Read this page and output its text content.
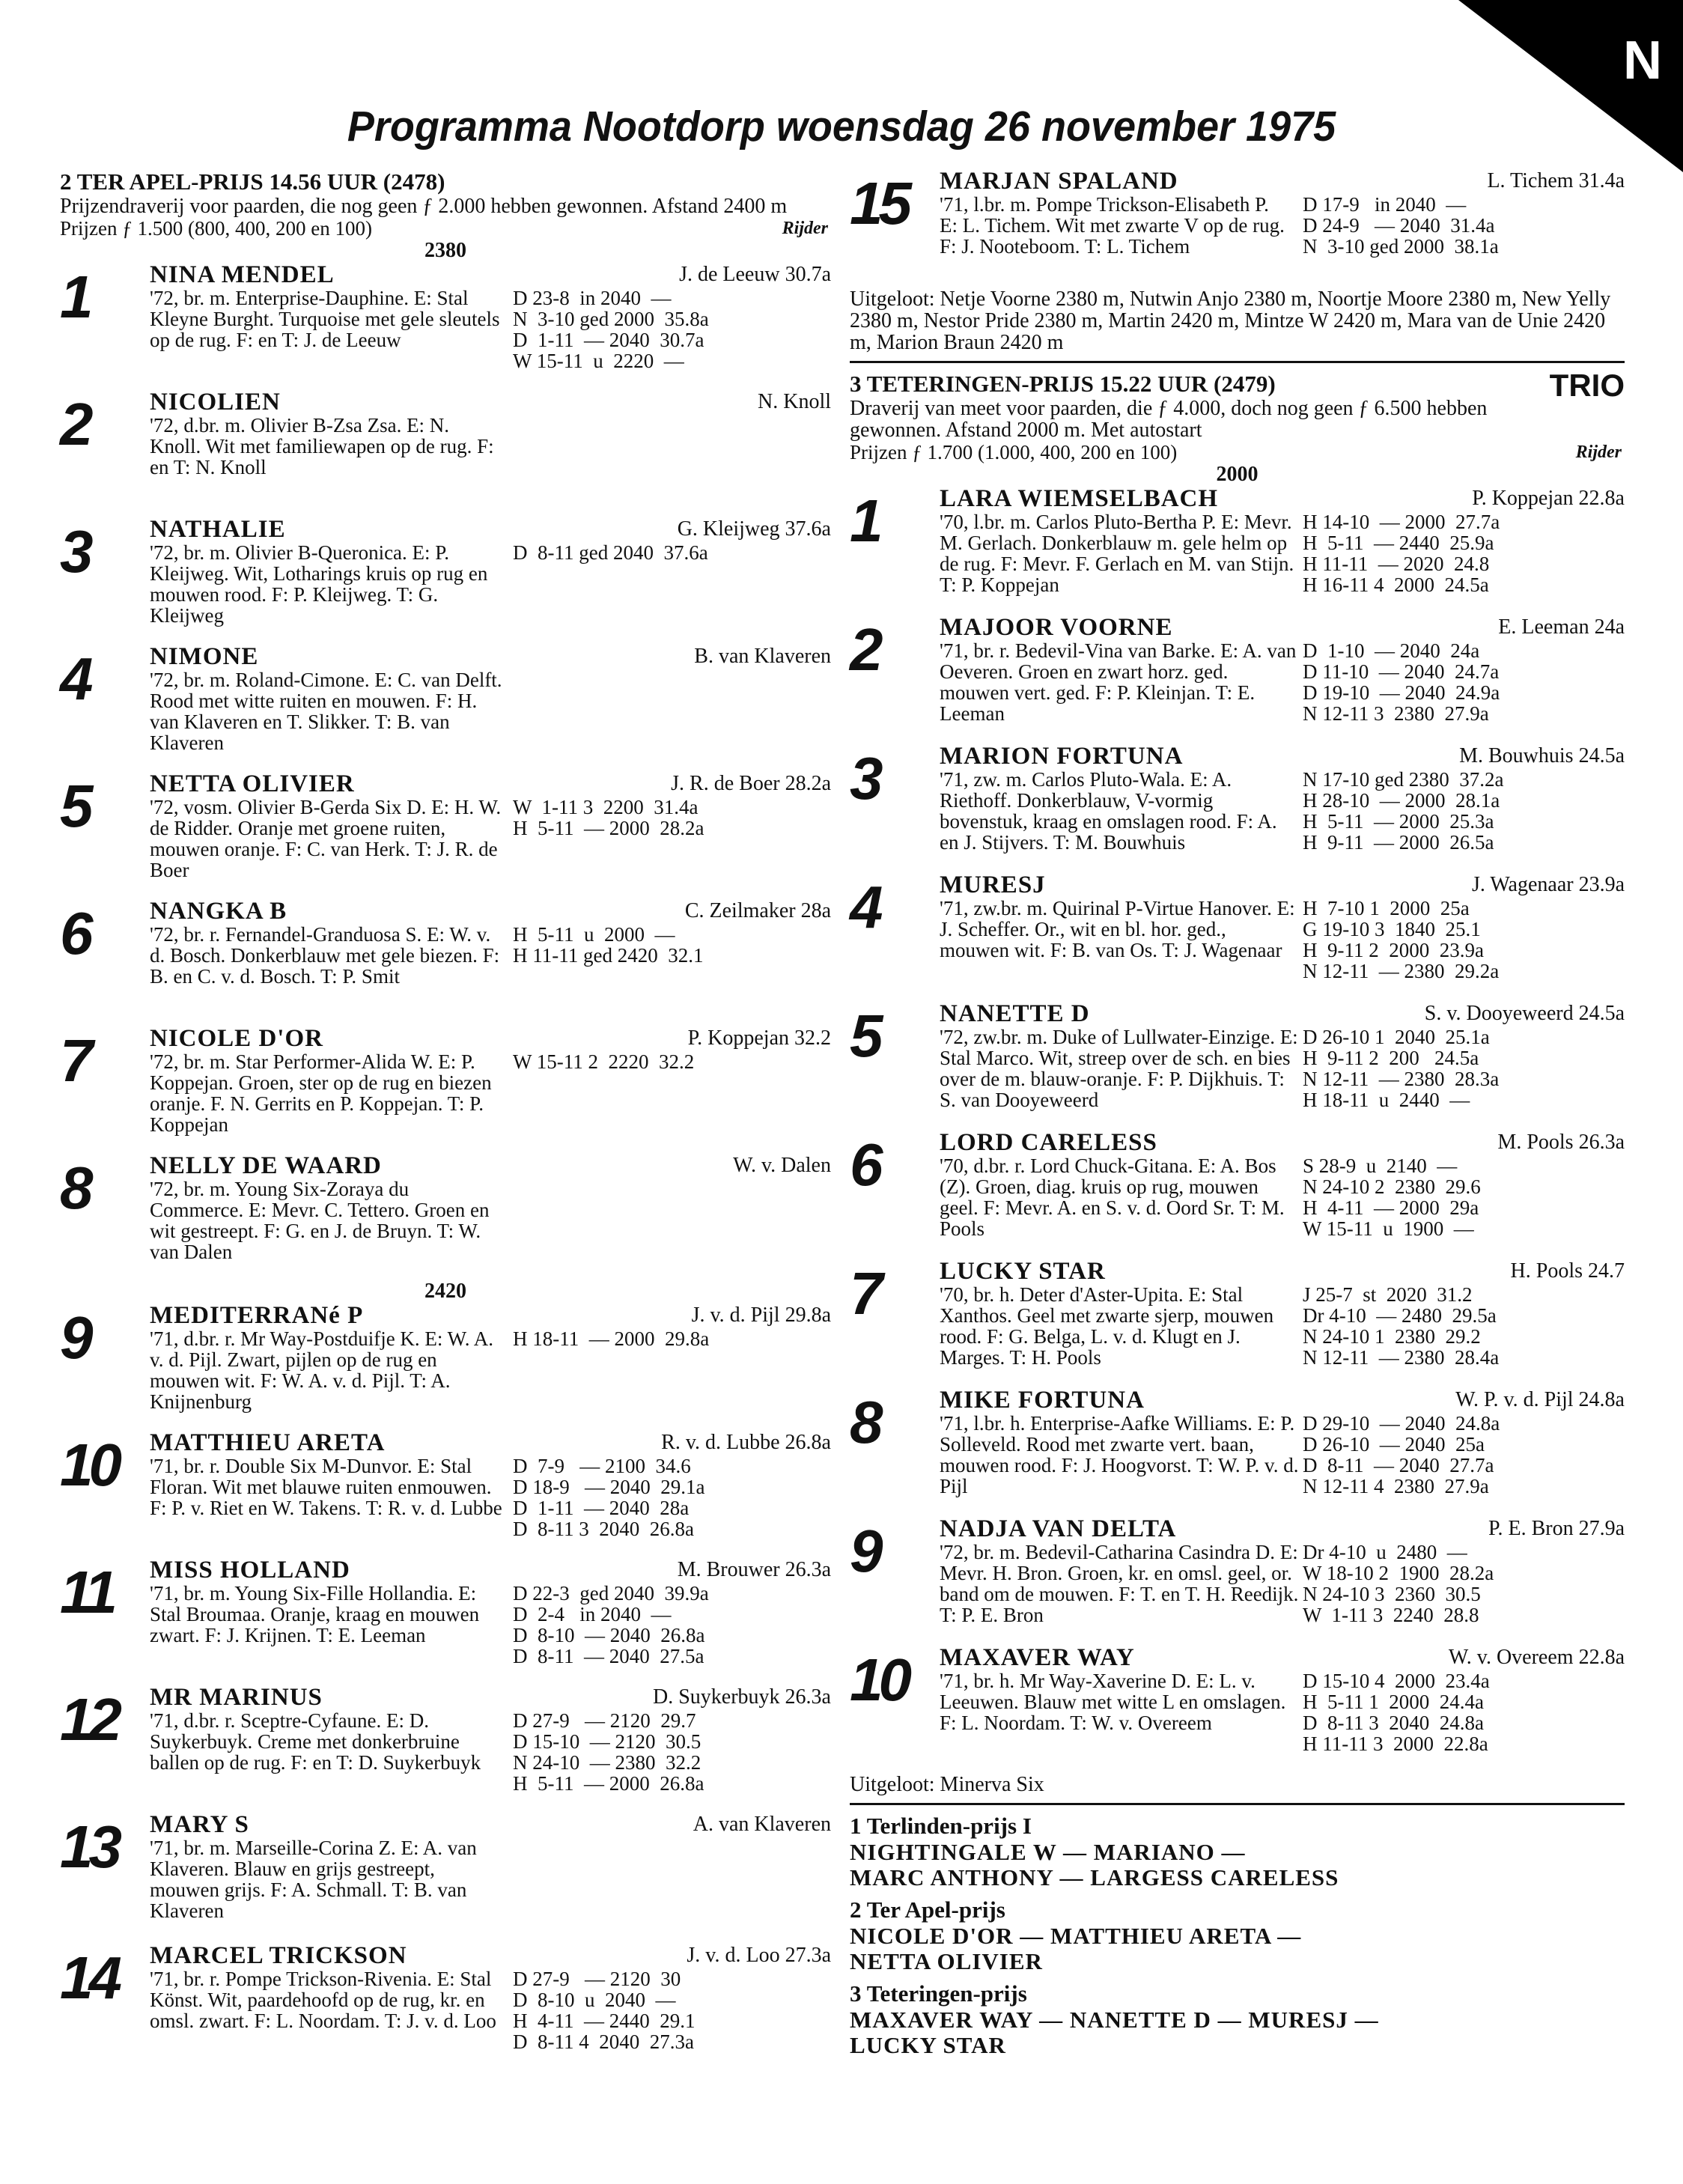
N
Programma Nootdorp woensdag 26 november 1975
2 TER APEL-PRIJS 14.56 UUR (2478)
Prijzendraverij voor paarden, die nog geen ƒ 2.000 hebben gewonnen. Afstand 2400 m
Prijzen ƒ 1.500 (800, 400, 200 en 100)	Rijder
2380
1	NINA MENDEL	J. de Leeuw 30.7a
'72, br. m. Enterprise-Dauphine. E: Stal Kleyne Burght. Turquoise met gele sleutels op de rug. F: en T: J. de Leeuw
D 23-8  in 2040  —
N  3-10 ged 2000  35.8a
D  1-11  — 2040  30.7a
W 15-11  u  2220  —
2	NICOLIEN	N. Knoll
'72, d.br. m. Olivier B-Zsa Zsa. E: N. Knoll. Wit met familiewapen op de rug. F: en T: N. Knoll
3	NATHALIE	G. Kleijweg 37.6a
'72, br. m. Olivier B-Queronica. E: P. Kleijweg. Wit, Lotharings kruis op rug en mouwen rood. F: P. Kleijweg. T: G. Kleijweg
D  8-11 ged 2040  37.6a
4	NIMONE	B. van Klaveren
'72, br. m. Roland-Cimone. E: C. van Delft. Rood met witte ruiten en mouwen. F: H. van Klaveren en T. Slikker. T: B. van Klaveren
5	NETTA OLIVIER	J. R. de Boer 28.2a
'72, vosm. Olivier B-Gerda Six D. E: H. W. de Ridder. Oranje met groene ruiten, mouwen oranje. F: C. van Herk. T: J. R. de Boer
W  1-11 3  2200  31.4a
H  5-11  — 2000  28.2a
6	NANGKA B	C. Zeilmaker 28a
'72, br. r. Fernandel-Granduosa S. E: W. v. d. Bosch. Donkerblauw met gele biezen. F: B. en C. v. d. Bosch. T: P. Smit
H  5-11  u  2000  —
H 11-11 ged 2420  32.1
7	NICOLE D'OR	P. Koppejan 32.2
'72, br. m. Star Performer-Alida W. E: P. Koppejan. Groen, ster op de rug en biezen oranje. F. N. Gerrits en P. Koppejan. T: P. Koppejan
W 15-11 2  2220  32.2
8	NELLY DE WAARD	W. v. Dalen
'72, br. m. Young Six-Zoraya du Commerce. E: Mevr. C. Tettero. Groen en wit gestreept. F: G. en J. de Bruyn. T: W. van Dalen
2420
9	MEDITERRANé P	J. v. d. Pijl 29.8a
'71, d.br. r. Mr Way-Postduifje K. E: W. A. v. d. Pijl. Zwart, pijlen op de rug en mouwen wit. F: W. A. v. d. Pijl. T: A. Knijnenburg
H 18-11  — 2000  29.8a
10	MATTHIEU ARETA	R. v. d. Lubbe 26.8a
'71, br. r. Double Six M-Dunvor. E: Stal Floran. Wit met blauwe ruiten enmouwen. F: P. v. Riet en W. Takens. T: R. v. d. Lubbe
D  7-9   — 2100  34.6
D 18-9   — 2040  29.1a
D  1-11  — 2040  28a
D  8-11 3  2040  26.8a
11	MISS HOLLAND	M. Brouwer 26.3a
'71, br. m. Young Six-Fille Hollandia. E: Stal Broumaa. Oranje, kraag en mouwen zwart. F: J. Krijnen. T: E. Leeman
D 22-3  ged 2040  39.9a
D  2-4   in 2040  —
D  8-10  — 2040  26.8a
D  8-11  — 2040  27.5a
12	MR MARINUS	D. Suykerbuyk 26.3a
'71, d.br. r. Sceptre-Cyfaune. E: D. Suykerbuyk. Creme met donkerbruine ballen op de rug. F: en T: D. Suykerbuyk
D 27-9   — 2120  29.7
D 15-10  — 2120  30.5
N 24-10  — 2380  32.2
H  5-11  — 2000  26.8a
13	MARY S	A. van Klaveren
'71, br. m. Marseille-Corina Z. E: A. van Klaveren. Blauw en grijs gestreept, mouwen grijs. F: A. Schmall. T: B. van Klaveren
14	MARCEL TRICKSON	J. v. d. Loo 27.3a
'71, br. r. Pompe Trickson-Rivenia. E: Stal Könst. Wit, paardehoofd op de rug, kr. en omsl. zwart. F: L. Noordam. T: J. v. d. Loo
D 27-9   — 2120  30
D  8-10  u  2040  —
H  4-11  — 2440  29.1
D  8-11 4  2040  27.3a
15	MARJAN SPALAND	L. Tichem 31.4a
'71, l.br. m. Pompe Trickson-Elisabeth P. E: L. Tichem. Wit met zwarte V op de rug. F: J. Nooteboom. T: L. Tichem
D 17-9   in 2040  —
D 24-9   — 2040  31.4a
N  3-10 ged 2000  38.1a
Uitgeloot: Netje Voorne 2380 m, Nutwin Anjo 2380 m, Noortje Moore 2380 m, New Yelly 2380 m, Nestor Pride 2380 m, Martin 2420 m, Mintze W 2420 m, Mara van de Unie 2420 m, Marion Braun 2420 m
3 TETERINGEN-PRIJS 15.22 UUR (2479)	TRIO
Draverij van meet voor paarden, die ƒ 4.000, doch nog geen ƒ 6.500 hebben gewonnen. Afstand 2000 m. Met autostart
Prijzen ƒ 1.700 (1.000, 400, 200 en 100)	Rijder
2000
1	LARA WIEMSELBACH	P. Koppejan 22.8a
'70, l.br. m. Carlos Pluto-Bertha P. E: Mevr. M. Gerlach. Donkerblauw m. gele helm op de rug. F: Mevr. F. Gerlach en M. van Stijn. T: P. Koppejan
H 14-10  — 2000  27.7a
H  5-11  — 2440  25.9a
H 11-11  — 2020  24.8
H 16-11 4  2000  24.5a
2	MAJOOR VOORNE	E. Leeman 24a
'71, br. r. Bedevil-Vina van Barke. E: A. van Oeveren. Groen en zwart horz. ged. mouwen vert. ged. F: P. Kleinjan. T: E. Leeman
D  1-10  — 2040  24a
D 11-10  — 2040  24.7a
D 19-10  — 2040  24.9a
N 12-11 3  2380  27.9a
3	MARION FORTUNA	M. Bouwhuis 24.5a
'71, zw. m. Carlos Pluto-Wala. E: A. Riethoff. Donkerblauw, V-vormig bovenstuk, kraag en omslagen rood. F: A. en J. Stijvers. T: M. Bouwhuis
N 17-10 ged 2380  37.2a
H 28-10  — 2000  28.1a
H  5-11  — 2000  25.3a
H  9-11  — 2000  26.5a
4	MURESJ	J. Wagenaar 23.9a
'71, zw.br. m. Quirinal P-Virtue Hanover. E: J. Scheffer. Or., wit en bl. hor. ged., mouwen wit. F: B. van Os. T: J. Wagenaar
H  7-10 1  2000  25a
G 19-10 3  1840  25.1
H  9-11 2  2000  23.9a
N 12-11  — 2380  29.2a
5	NANETTE D	S. v. Dooyeweerd 24.5a
'72, zw.br. m. Duke of Lullwater-Einzige. E: Stal Marco. Wit, streep over de sch. en bies over de m. blauw-oranje. F: P. Dijkhuis. T: S. van Dooyeweerd
D 26-10 1  2040  25.1a
H  9-11 2  200   24.5a
N 12-11  — 2380  28.3a
H 18-11  u  2440  —
6	LORD CARELESS	M. Pools 26.3a
'70, d.br. r. Lord Chuck-Gitana. E: A. Bos (Z). Groen, diag. kruis op rug, mouwen geel. F: Mevr. A. en S. v. d. Oord Sr. T: M. Pools
S 28-9  u  2140  —
N 24-10 2  2380  29.6
H  4-11  — 2000  29a
W 15-11  u  1900  —
7	LUCKY STAR	H. Pools 24.7
'70, br. h. Deter d'Aster-Upita. E: Stal Xanthos. Geel met zwarte sjerp, mouwen rood. F: G. Belga, L. v. d. Klugt en J. Marges. T: H. Pools
J 25-7  st  2020  31.2
Dr 4-10  — 2480  29.5a
N 24-10 1  2380  29.2
N 12-11  — 2380  28.4a
8	MIKE FORTUNA	W. P. v. d. Pijl 24.8a
'71, l.br. h. Enterprise-Aafke Williams. E: P. Solleveld. Rood met zwarte vert. baan, mouwen rood. F: J. Hoogvorst. T: W. P. v. d. Pijl
D 29-10  — 2040  24.8a
D 26-10  — 2040  25a
D  8-11  — 2040  27.7a
N 12-11 4  2380  27.9a
9	NADJA VAN DELTA	P. E. Bron 27.9a
'72, br. m. Bedevil-Catharina Casindra D. E: Mevr. H. Bron. Groen, kr. en omsl. geel, or. band om de mouwen. F: T. en T. H. Reedijk. T: P. E. Bron
Dr 4-10  u  2480  —
W 18-10 2  1900  28.2a
N 24-10 3  2360  30.5
W  1-11 3  2240  28.8
10	MAXAVER WAY	W. v. Overeem 22.8a
'71, br. h. Mr Way-Xaverine D. E: L. v. Leeuwen. Blauw met witte L en omslagen. F: L. Noordam. T: W. v. Overeem
D 15-10 4  2000  23.4a
H  5-11 1  2000  24.4a
D  8-11 3  2040  24.8a
H 11-11 3  2000  22.8a
Uitgeloot: Minerva Six
1 Terlinden-prijs I
NIGHTINGALE W — MARIANO —
MARC ANTHONY — LARGESS CARELESS
2 Ter Apel-prijs
NICOLE D'OR — MATTHIEU ARETA —
NETTA OLIVIER
3 Teteringen-prijs
MAXAVER WAY — NANETTE D — MURESJ —
LUCKY STAR
